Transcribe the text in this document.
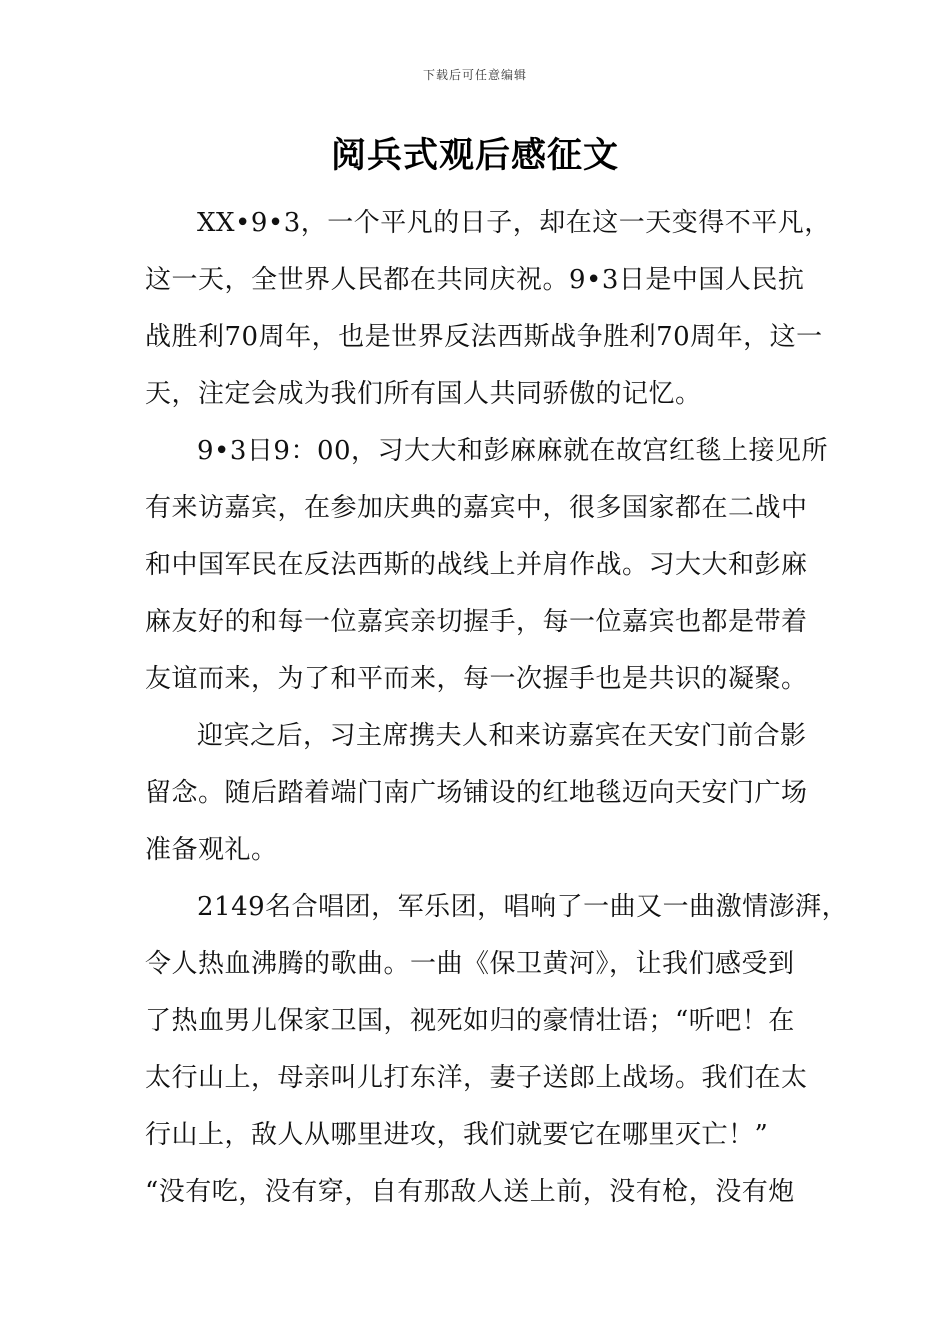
下载后可任意编辑
阅兵式观后感征文
XX•9•3，一个平凡的日子，却在这一天变得不平凡，
这一天，全世界人民都在共同庆祝。9•3日是中国人民抗
战胜利70周年，也是世界反法西斯战争胜利70周年，这一
天，注定会成为我们所有国人共同骄傲的记忆。
9•3日9：00，习大大和彭麻麻就在故宫红毯上接见所
有来访嘉宾，在参加庆典的嘉宾中，很多国家都在二战中
和中国军民在反法西斯的战线上并肩作战。习大大和彭麻
麻友好的和每一位嘉宾亲切握手，每一位嘉宾也都是带着
友谊而来，为了和平而来，每一次握手也是共识的凝聚。
迎宾之后，习主席携夫人和来访嘉宾在天安门前合影
留念。随后踏着端门南广场铺设的红地毯迈向天安门广场
准备观礼。
2149名合唱团，军乐团，唱响了一曲又一曲激情澎湃，
令人热血沸腾的歌曲。一曲《保卫黄河》，让我们感受到
了热血男儿保家卫国，视死如归的豪情壮语；“听吧！在
太行山上，母亲叫儿打东洋，妻子送郎上战场。我们在太
行山上，敌人从哪里进攻，我们就要它在哪里灭亡！”
“没有吃，没有穿，自有那敌人送上前，没有枪，没有炮
